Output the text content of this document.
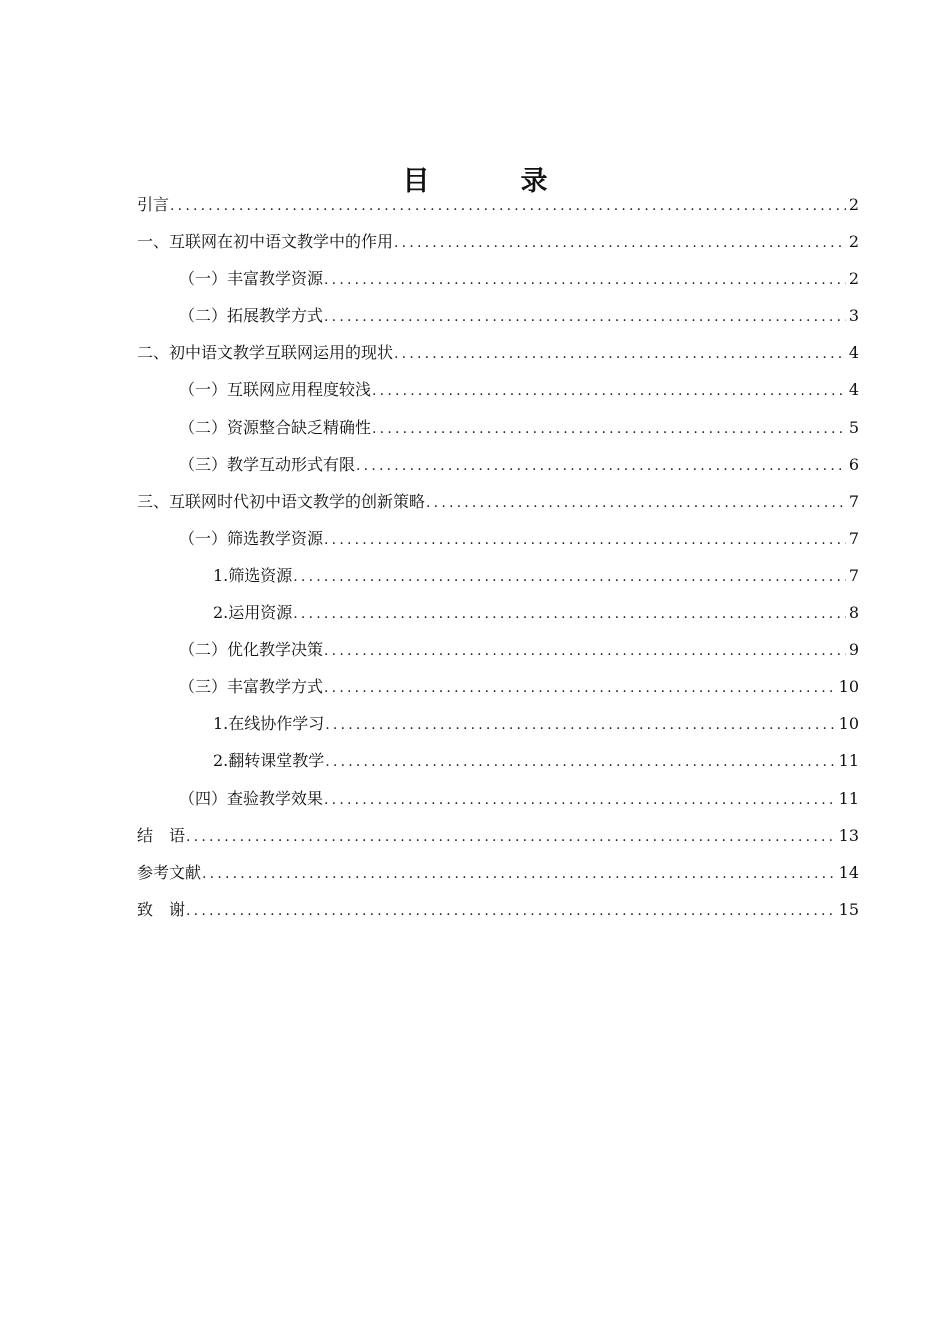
目　录
引言 .....	2
一、互联网在初中语文教学中的作用 .....	2
（一）丰富教学资源 .....	2
（二）拓展教学方式 .....	3
二、初中语文教学互联网运用的现状 .....	4
（一）互联网应用程度较浅 .....	4
（二）资源整合缺乏精确性 .....	5
（三）教学互动形式有限 .....	6
三、互联网时代初中语文教学的创新策略 .....	7
（一）筛选教学资源 .....	7
1.筛选资源 .....	7
2.运用资源 .....	8
（二）优化教学决策 .....	9
（三）丰富教学方式 .....	10
1.在线协作学习 .....	10
2.翻转课堂教学 .....	11
（四）查验教学效果 .....	11
结　语 .....	13
参考文献 .....	14
致　谢 .....	15
